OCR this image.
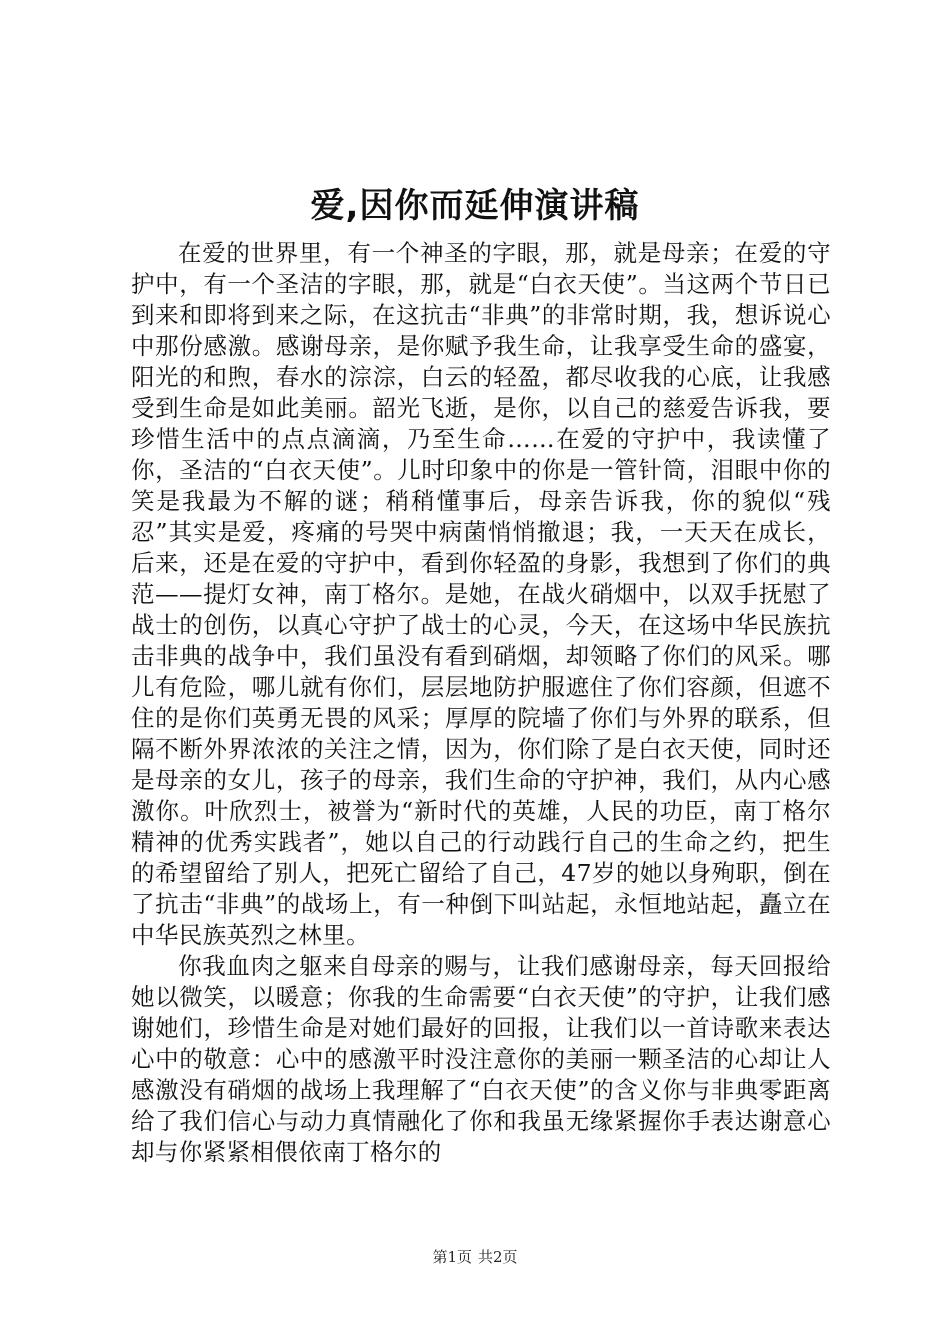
爱,因你而延伸演讲稿

在爱的世界里，有一个神圣的字眼，那，就是母亲；在爱的守护中，有一个圣洁的字眼，那，就是“白衣天使”。当这两个节日已到来和即将到来之际，在这抗击“非典”的非常时期，我，想诉说心中那份感激。感谢母亲，是你赋予我生命，让我享受生命的盛宴，阳光的和煦，春水的淙淙，白云的轻盈，都尽收我的心底，让我感受到生命是如此美丽。韶光飞逝，是你，以自己的慈爱告诉我，要珍惜生活中的点点滴滴，乃至生命……在爱的守护中，我读懂了你，圣洁的“白衣天使”。儿时印象中的你是一管针筒，泪眼中你的笑是我最为不解的谜；稍稍懂事后，母亲告诉我，你的貌似“残忍”其实是爱，疼痛的号哭中病菌悄悄撤退；我，一天天在成长，后来，还是在爱的守护中，看到你轻盈的身影，我想到了你们的典范——提灯女神，南丁格尔。是她，在战火硝烟中，以双手抚慰了战士的创伤，以真心守护了战士的心灵，今天，在这场中华民族抗击非典的战争中，我们虽没有看到硝烟，却领略了你们的风采。哪儿有危险，哪儿就有你们，层层地防护服遮住了你们容颜，但遮不住的是你们英勇无畏的风采；厚厚的院墙了你们与外界的联系，但隔不断外界浓浓的关注之情，因为，你们除了是白衣天使，同时还是母亲的女儿，孩子的母亲，我们生命的守护神，我们，从内心感激你。叶欣烈士，被誉为“新时代的英雄，人民的功臣，南丁格尔精神的优秀实践者”，她以自己的行动践行自己的生命之约，把生的希望留给了别人，把死亡留给了自己，47岁的她以身殉职，倒在了抗击“非典”的战场上，有一种倒下叫站起，永恒地站起，矗立在中华民族英烈之林里。

你我血肉之躯来自母亲的赐与，让我们感谢母亲，每天回报给她以微笑，以暖意；你我的生命需要“白衣天使”的守护，让我们感谢她们，珍惜生命是对她们最好的回报，让我们以一首诗歌来表达心中的敬意：心中的感激平时没注意你的美丽一颗圣洁的心却让人感激没有硝烟的战场上我理解了“白衣天使”的含义你与非典零距离给了我们信心与动力真情融化了你和我虽无缘紧握你手表达谢意心却与你紧紧相偎依南丁格尔的

第1页 共2页
